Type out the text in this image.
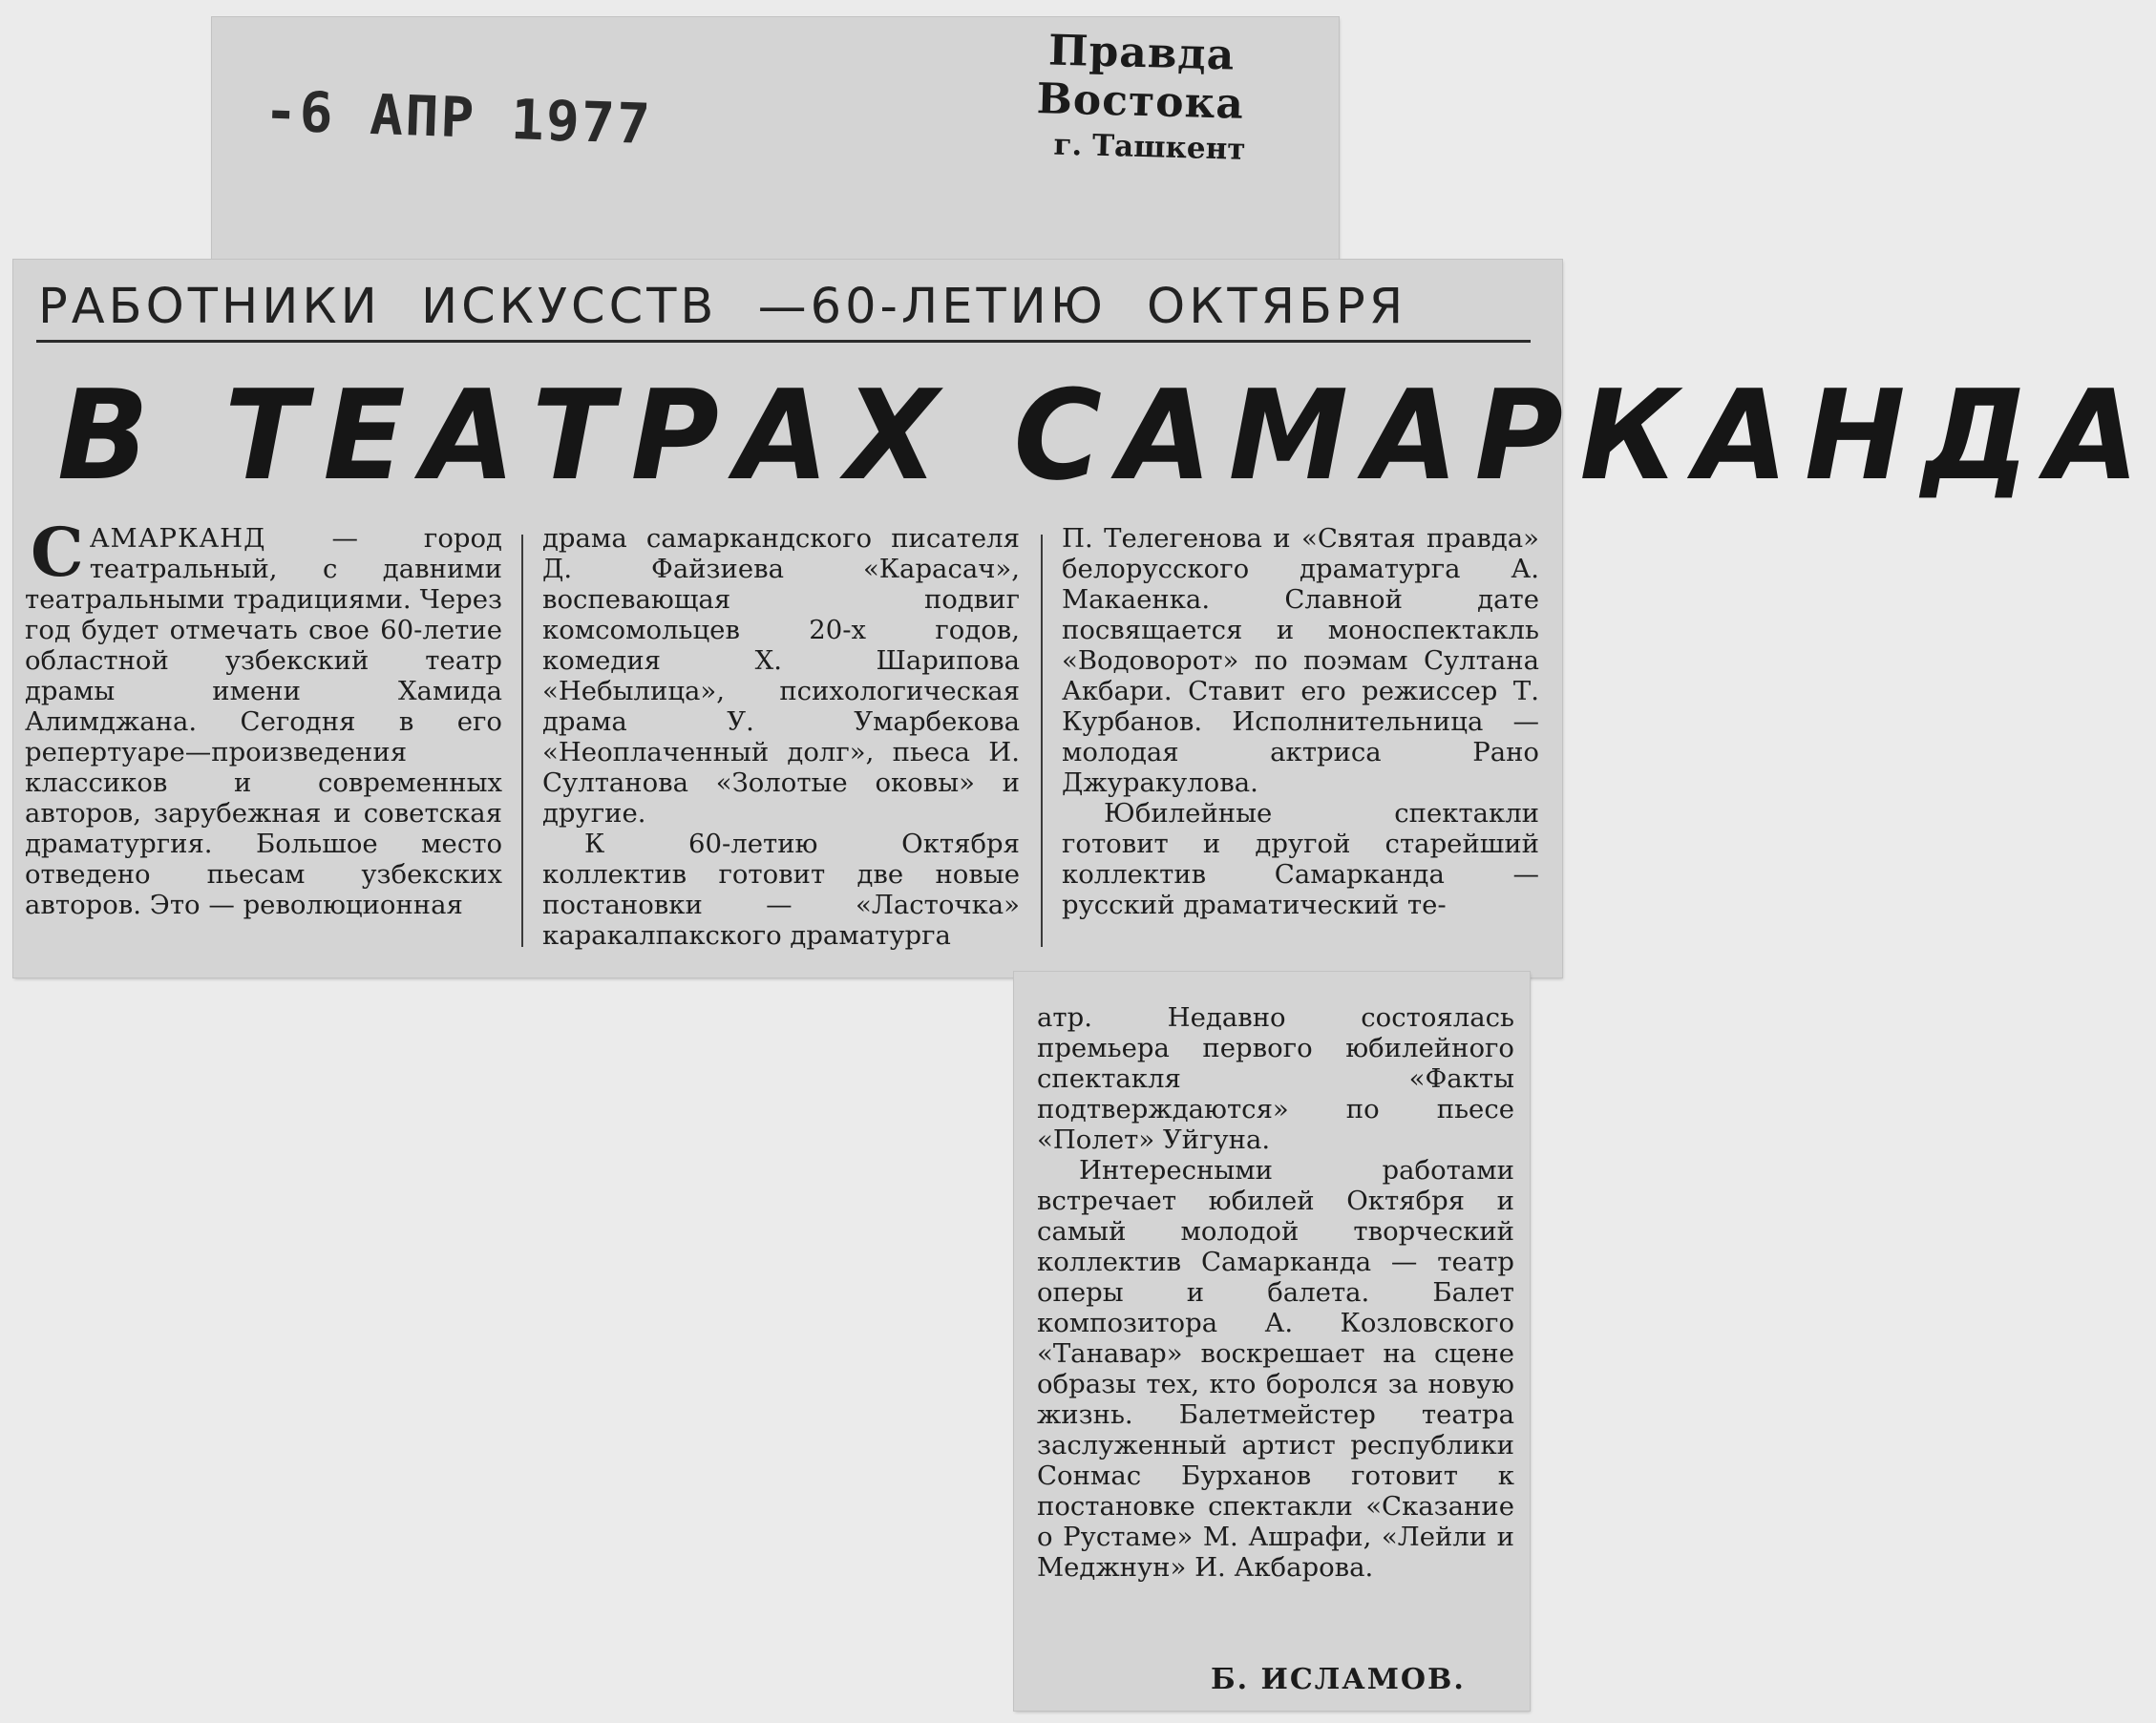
-6 АПР 1977
Правда Востока
г. Ташкент
РАБОТНИКИ ИСКУССТВ —60-ЛЕТИЮ ОКТЯБРЯ
В ТЕАТРАХ САМАРКАНДА

САМАРКАНД — город театральный, с давними театральными традициями. Через год будет отмечать свое 60-летие областной узбекский театр драмы имени Хамида Алимджана. Сегодня в его репертуаре—произведения классиков и современных авторов, зарубежная и советская драматургия. Большое место отведено пьесам узбекских авторов. Это — революционная

драма самаркандского писателя Д. Файзиева «Карасач», воспевающая подвиг комсомольцев 20-х годов, комедия Х. Шарипова «Небылица», психологическая драма У. Умарбекова «Неоплаченный долг», пьеса И. Султанова «Золотые оковы» и другие.

К 60-летию Октября коллектив готовит две новые постановки — «Ласточка» каракалпакского драматурга

П. Телегенова и «Святая правда» белорусского драматурга А. Макаенка. Славной дате посвящается и моноспектакль «Водоворот» по поэмам Султана Акбари. Ставит его режиссер Т. Курбанов. Исполнительница — молодая актриса Рано Джуракулова.

Юбилейные спектакли готовит и другой старейший коллектив Самарканда — русский драматический те-

атр. Недавно состоялась премьера первого юбилейного спектакля «Факты подтверждаются» по пьесе «Полет» Уйгуна.

Интересными работами встречает юбилей Октября и самый молодой творческий коллектив Самарканда — театр оперы и балета. Балет композитора А. Козловского «Танавар» воскрешает на сцене образы тех, кто боролся за новую жизнь. Балетмейстер театра заслуженный артист республики Сонмас Бурханов готовит к постановке спектакли «Сказание о Рустаме» М. Ашрафи, «Лейли и Меджнун» И. Акбарова.

Б. ИСЛАМОВ.
